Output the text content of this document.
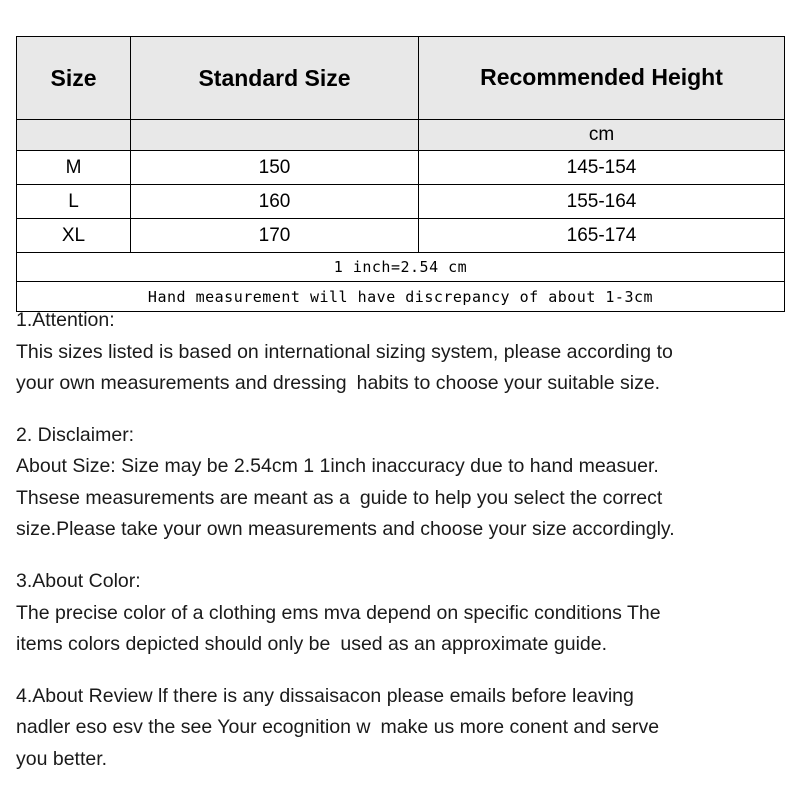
Size	Standard Size	Recommended Height
		cm
M	150	145-154
L	160	155-164
XL	170	165-174
1 inch=2.54 cm		
Hand measurement will have discrepancy of about 1-3cm		

1.Attention:

This sizes listed is based on international sizing system, please according to

your own measurements and dressing habits to choose your suitable size.

2. Disclaimer:

About Size: Size may be 2.54cm 1 1inch inaccuracy due to hand measuer.

Thsese measurements are meant as a guide to help you select the correct

size.Please take your own measurements and choose your size accordingly.

3.About Color:

The precise color of a clothing ems mva depend on specific conditions The

items colors depicted should only be used as an approximate guide.

4.About Review lf there is any dissaisacon please emails before leaving

nadler eso esv the see Your ecognition w make us more conent and serve

you better.
